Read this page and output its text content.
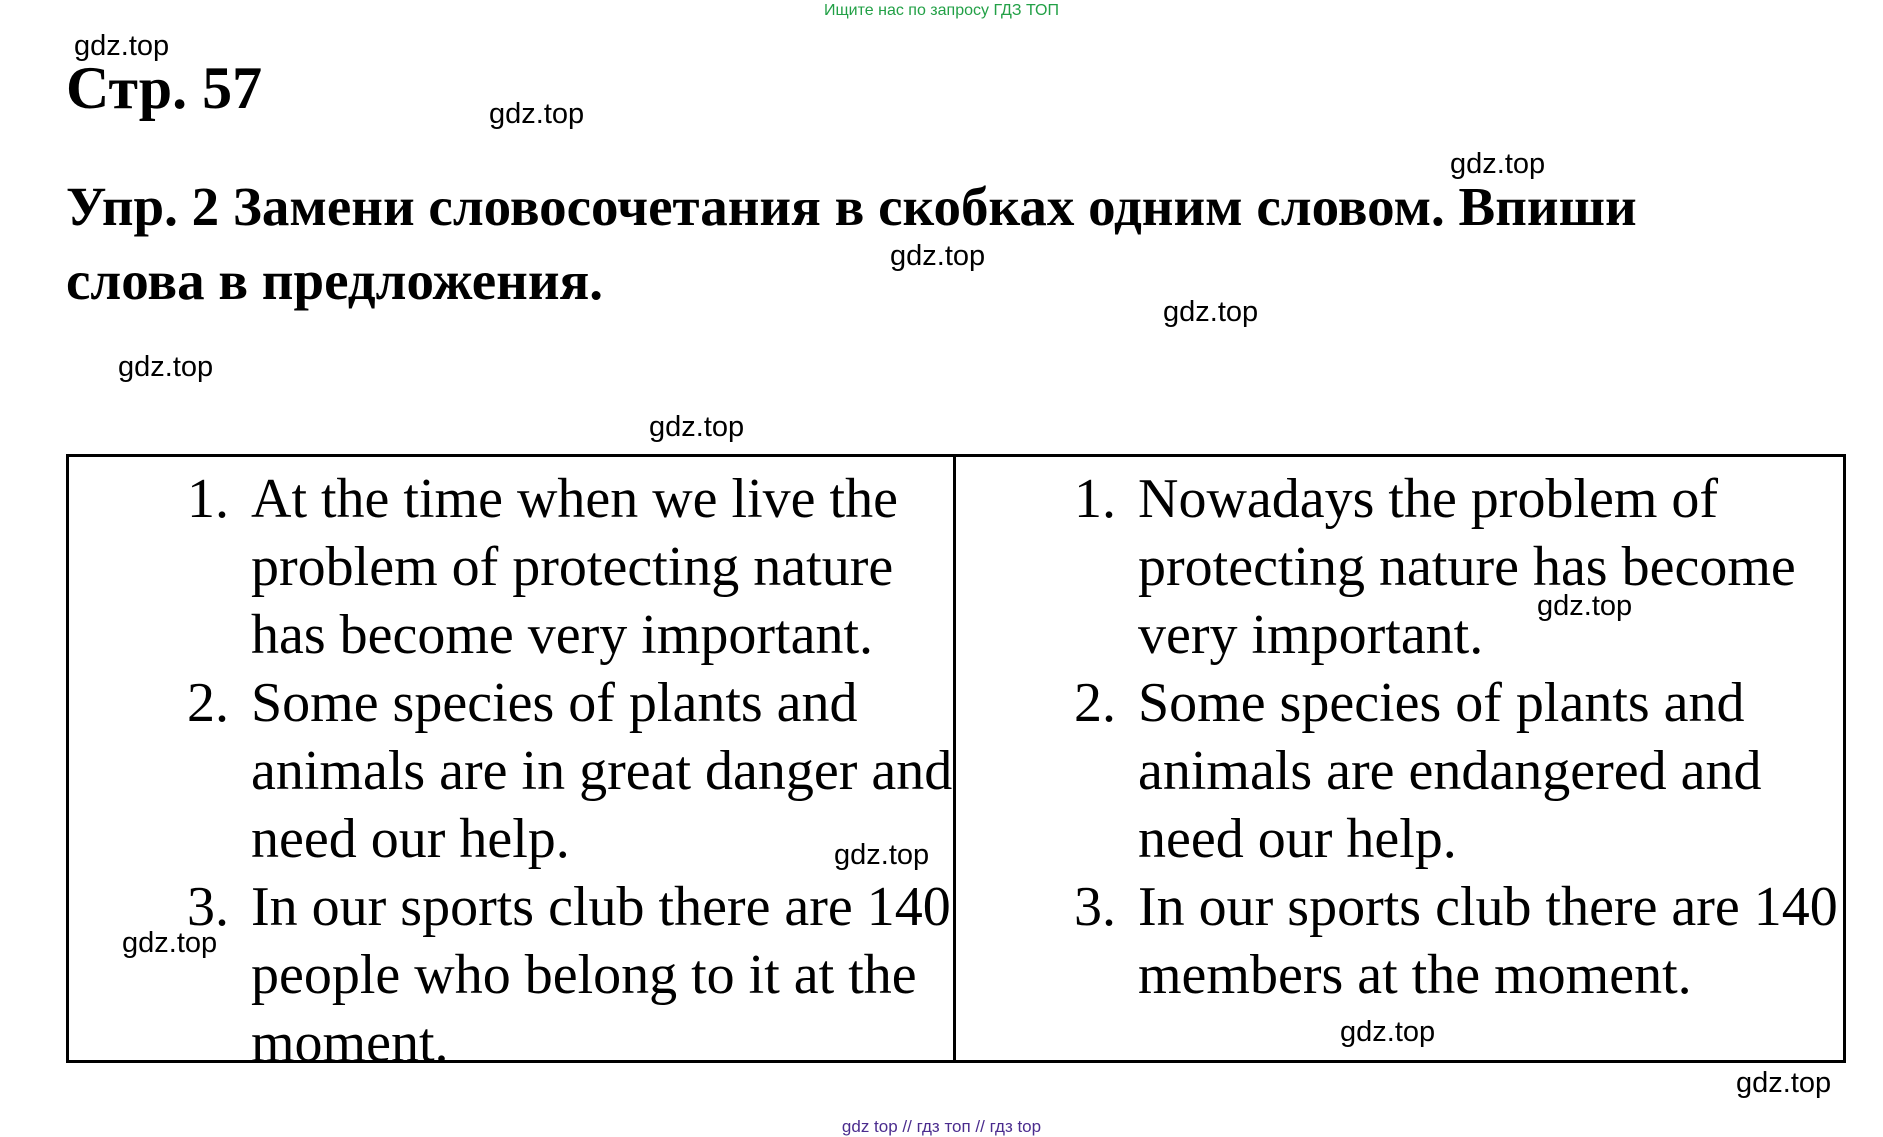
Ищите нас по запросу ГДЗ ТОП
Стр. 57

Упр. 2 Замени словосочетания в скобках одним словом. Впиши слова в предложения.

gdz.top
gdz.top
gdz.top
gdz.top
gdz.top
gdz.top
gdz.top
gdz.top
gdz.top
gdz.top
gdz.top
gdz.top
1. At the time when we live the problem of protecting nature has become very important.
2. Some species of plants and animals are in great danger and need our help.
3. In our sports club there are 140 people who belong to it at the moment.
1. Nowadays the problem of protecting nature has become very important.
2. Some species of plants and animals are endangered and need our help.
3. In our sports club there are 140 members at the moment.
gdz top // гдз топ // гдз top
